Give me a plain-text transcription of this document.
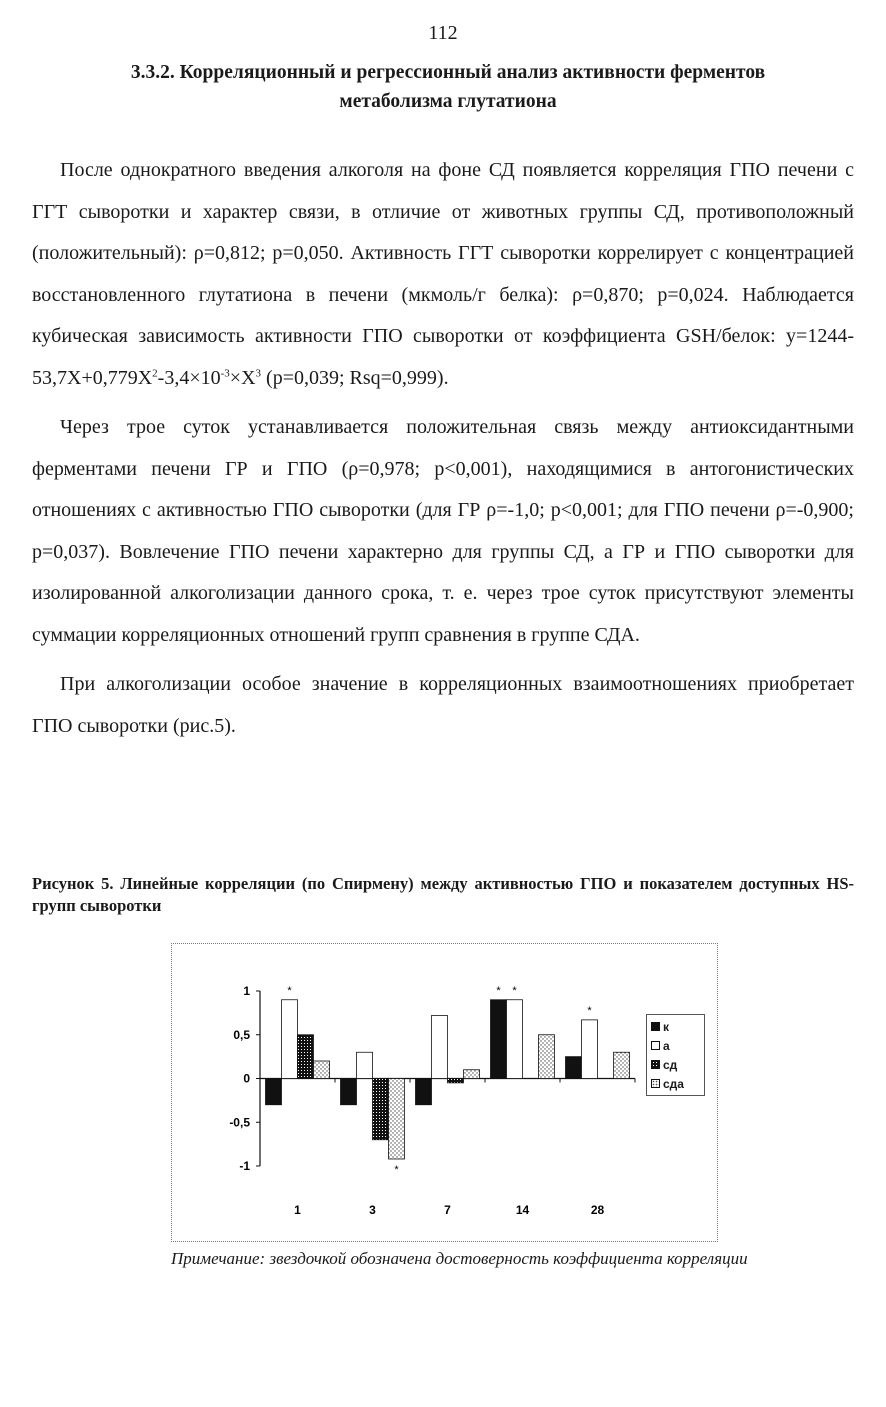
112
3.3.2. Корреляционный и регрессионный анализ активности ферментов
метаболизма глутатиона

После однократного введения алкоголя на фоне СД появляется корреляция ГПО печени с ГГТ сыворотки и характер связи, в отличие от животных группы СД, противоположный (положительный): ρ=0,812; p=0,050. Активность ГГТ сыворотки коррелирует с концентрацией восстановленного глутатиона в печени (мкмоль/г белка): ρ=0,870; p=0,024. Наблюдается кубическая зависимость активности ГПО сыворотки от коэффициента GSH/белок: $y=1244-53,7X+0,779X^2-3,4\times 10^{-3}\times X^3$ (p=0,039; Rsq=0,999).

Через трое суток устанавливается положительная связь между антиоксидантными ферментами печени ГР и ГПО (ρ=0,978; p<0,001), находящимися в антогонистических отношениях с активностью ГПО сыворотки (для ГР ρ=-1,0; p<0,001; для ГПО печени ρ=-0,900; p=0,037). Вовлечение ГПО печени характерно для группы СД, а ГР и ГПО сыворотки для изолированной алкоголизации данного срока, т. е. через трое суток присутствуют элементы суммации корреляционных отношений групп сравнения в группе СДА.

При алкоголизации особое значение в корреляционных взаимоотношениях приобретает ГПО сыворотки (рис.5).

Рисунок 5. Линейные корреляции (по Спирмену) между активностью ГПО и показателем доступных HS-групп сыворотки

1
0,5
0
-0,5
-1
*
1
*
3	7
* *
14
*
28
к
а
сд
сда

Примечание: звездочкой обозначена достоверность коэффициента корреляции
